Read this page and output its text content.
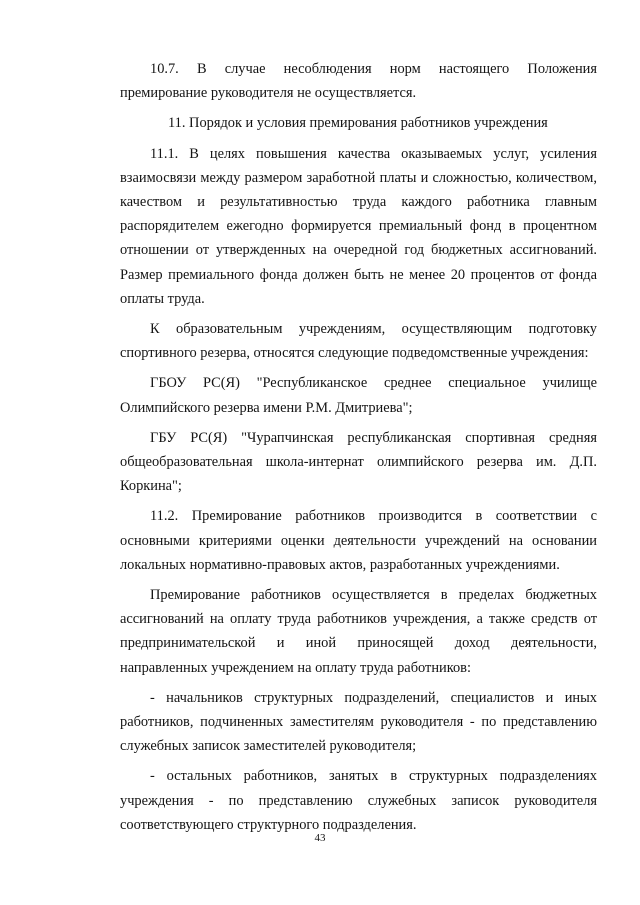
10.7. В случае несоблюдения норм настоящего Положения премирование руководителя не осуществляется.

11. Порядок и условия премирования работников учреждения

11.1. В целях повышения качества оказываемых услуг, усиления взаимосвязи между размером заработной платы и сложностью, количеством, качеством и результативностью труда каждого работника главным распорядителем ежегодно формируется премиальный фонд в процентном отношении от утвержденных на очередной год бюджетных ассигнований. Размер премиального фонда должен быть не менее 20 процентов от фонда оплаты труда.

К образовательным учреждениям, осуществляющим подготовку спортивного резерва, относятся следующие подведомственные учреждения:

ГБОУ РС(Я) "Республиканское среднее специальное училище Олимпийского резерва имени Р.М. Дмитриева";

ГБУ РС(Я) "Чурапчинская республиканская спортивная средняя общеобразовательная школа-интернат олимпийского резерва им. Д.П. Коркина";

11.2. Премирование работников производится в соответствии с основными критериями оценки деятельности учреждений на основании локальных нормативно-правовых актов, разработанных учреждениями.

Премирование работников осуществляется в пределах бюджетных ассигнований на оплату труда работников учреждения, а также средств от предпринимательской и иной приносящей доход деятельности, направленных учреждением на оплату труда работников:

- начальников структурных подразделений, специалистов и иных работников, подчиненных заместителям руководителя - по представлению служебных записок заместителей руководителя;

- остальных работников, занятых в структурных подразделениях учреждения - по представлению служебных записок руководителя соответствующего структурного подразделения.

43
